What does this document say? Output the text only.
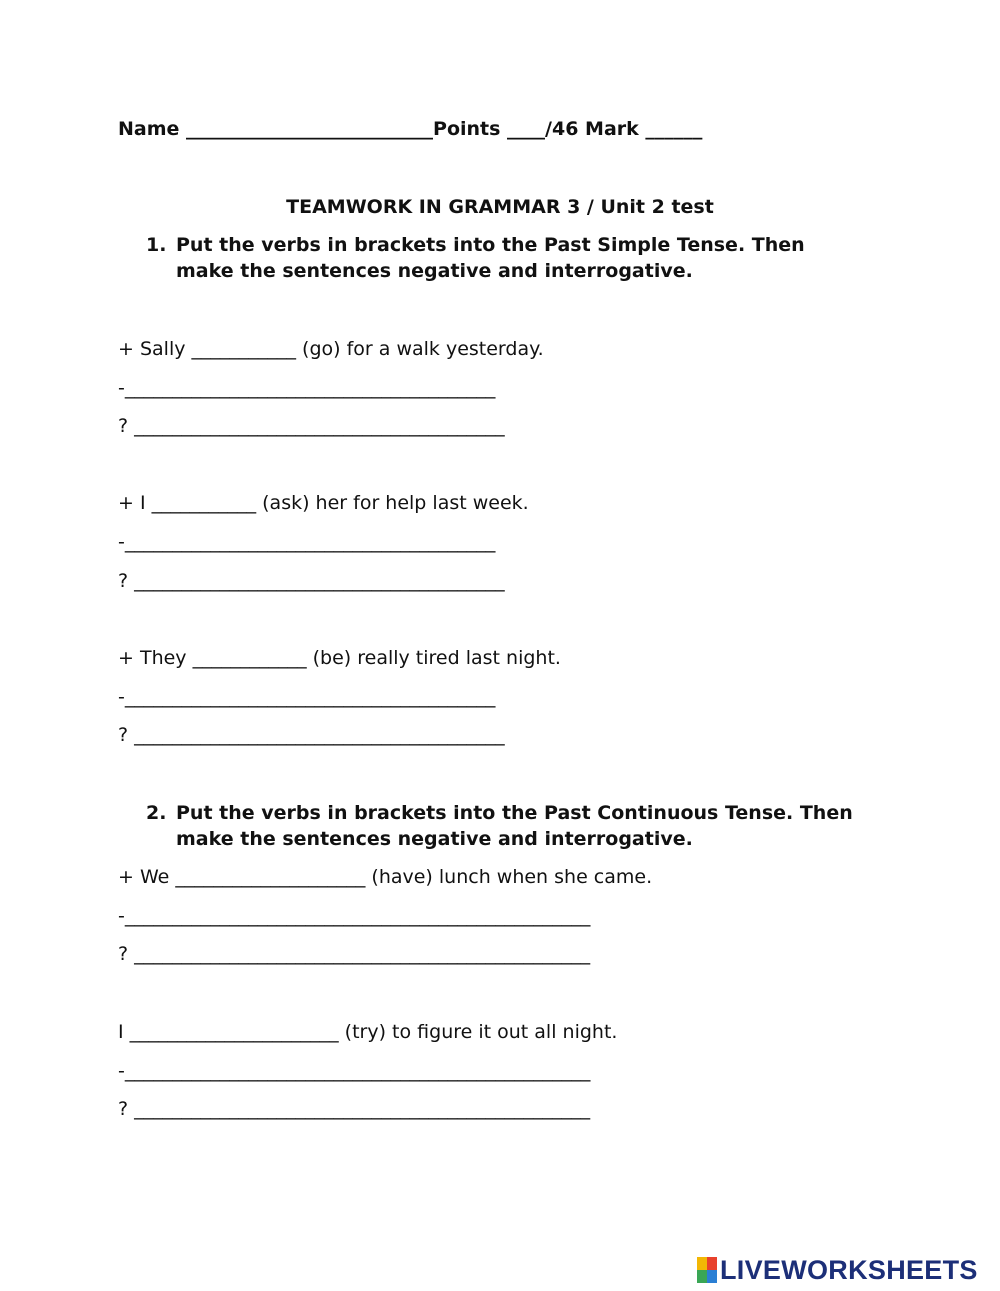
Name __________________________Points ____/46 Mark ______
TEAMWORK IN GRAMMAR 3 / Unit 2 test
1. Put the verbs in brackets into the Past Simple Tense. Then
make the sentences negative and interrogative.
+ Sally ___________ (go) for a walk yesterday.
-_______________________________________
? _______________________________________
+ I ___________ (ask) her for help last week.
-_______________________________________
? _______________________________________
+ They ____________ (be) really tired last night.
-_______________________________________
? _______________________________________
2. Put the verbs in brackets into the Past Continuous Tense. Then
make the sentences negative and interrogative.
+ We ____________________ (have) lunch when she came.
-_________________________________________________
? ________________________________________________
I ______________________ (try) to figure it out all night.
-_________________________________________________
? ________________________________________________
LIVEWORKSHEETS
